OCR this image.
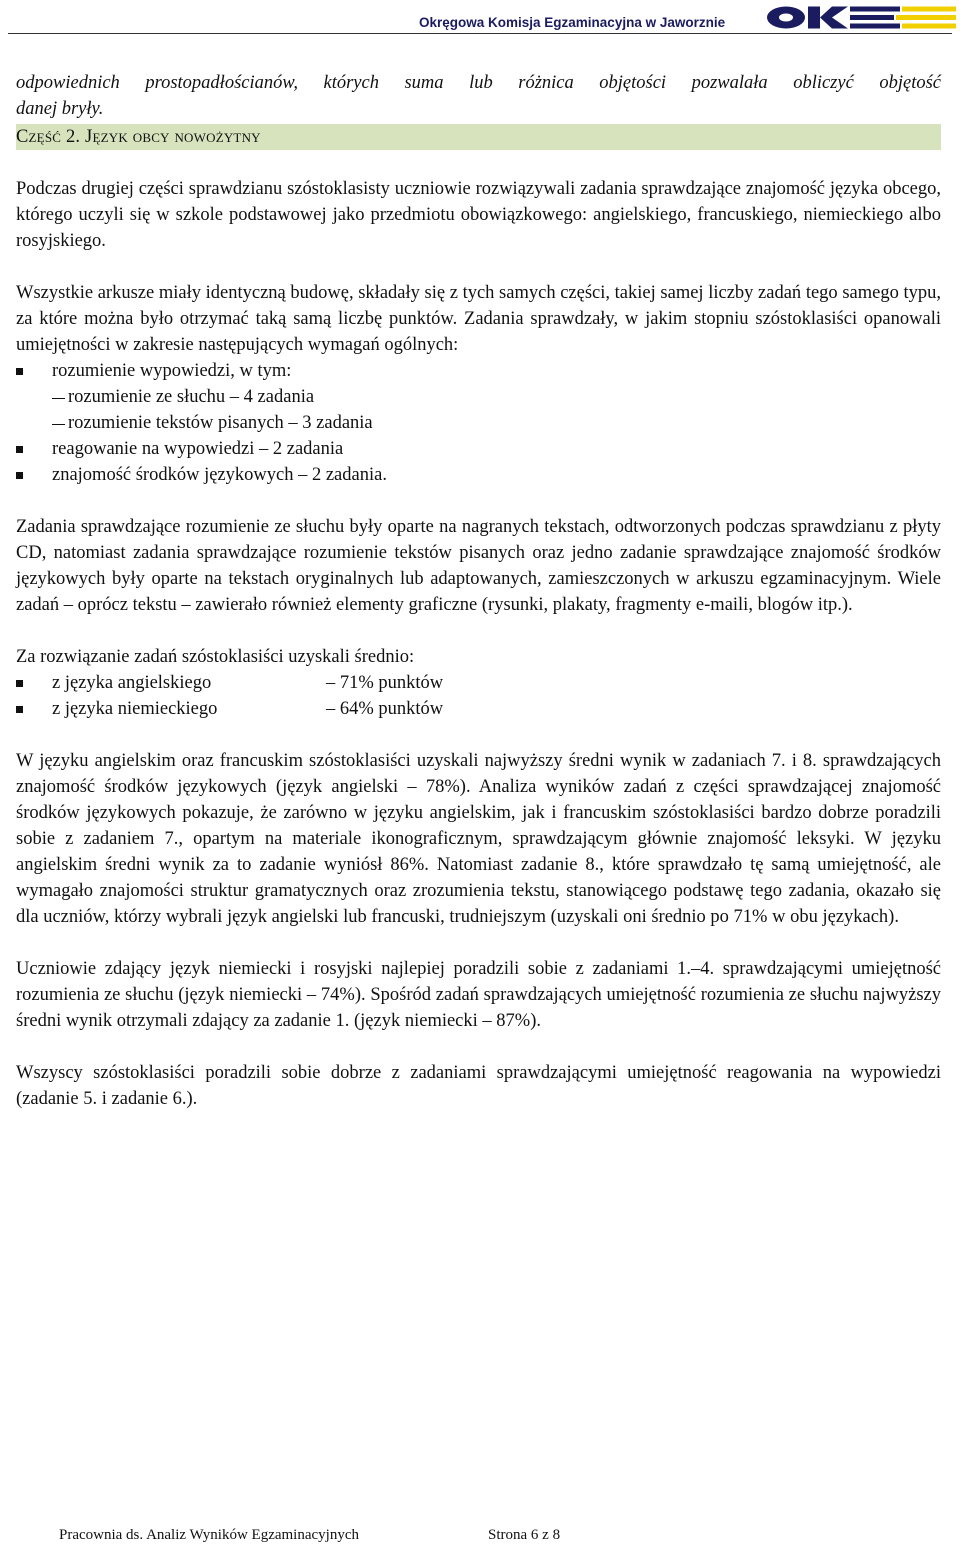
Okręgowa Komisja Egzaminacyjna w Jaworznie

odpowiednich prostopadłościanów, których suma lub różnica objętości pozwalała obliczyć objętość

danej bryły.

Część 2. Język obcy nowożytny

Podczas drugiej części sprawdzianu szóstoklasisty uczniowie rozwiązywali zadania sprawdzające znajomość języka obcego, którego uczyli się w szkole podstawowej jako przedmiotu obowiązkowego: angielskiego, francuskiego, niemieckiego albo rosyjskiego.

Wszystkie arkusze miały identyczną budowę, składały się z tych samych części, takiej samej liczby zadań tego samego typu, za które można było otrzymać taką samą liczbę punktów. Zadania sprawdzały, w jakim stopniu szóstoklasiści opanowali umiejętności w zakresie następujących wymagań ogólnych:

rozumienie wypowiedzi, w tym:
rozumienie ze słuchu – 4 zadania
rozumienie tekstów pisanych – 3 zadania
reagowanie na wypowiedzi – 2 zadania
znajomość środków językowych – 2 zadania.

Zadania sprawdzające rozumienie ze słuchu były oparte na nagranych tekstach, odtworzonych podczas sprawdzianu z płyty CD, natomiast zadania sprawdzające rozumienie tekstów pisanych oraz jedno zadanie sprawdzające znajomość środków językowych były oparte na tekstach oryginalnych lub adaptowanych, zamieszczonych w arkuszu egzaminacyjnym. Wiele zadań – oprócz tekstu – zawierało również elementy graficzne (rysunki, plakaty, fragmenty e-maili, blogów itp.).

Za rozwiązanie zadań szóstoklasiści uzyskali średnio:

z języka angielskiego	– 71% punktów
z języka niemieckiego	– 64% punktów

W języku angielskim oraz francuskim szóstoklasiści uzyskali najwyższy średni wynik w zadaniach 7. i 8. sprawdzających znajomość środków językowych (język angielski – 78%). Analiza wyników zadań z części sprawdzającej znajomość środków językowych pokazuje, że zarówno w języku angielskim, jak i francuskim szóstoklasiści bardzo dobrze poradzili sobie z zadaniem 7., opartym na materiale ikonograficznym, sprawdzającym głównie znajomość leksyki. W języku angielskim średni wynik za to zadanie wyniósł 86%. Natomiast zadanie 8., które sprawdzało tę samą umiejętność, ale wymagało znajomości struktur gramatycznych oraz zrozumienia tekstu, stanowiącego podstawę tego zadania, okazało się dla uczniów, którzy wybrali język angielski lub francuski, trudniejszym (uzyskali oni średnio po 71% w obu językach).

Uczniowie zdający język niemiecki i rosyjski najlepiej poradzili sobie z zadaniami 1.–4. sprawdzającymi umiejętność rozumienia ze słuchu (język niemiecki – 74%). Spośród zadań sprawdzających umiejętność rozumienia ze słuchu najwyższy średni wynik otrzymali zdający za zadanie 1. (język niemiecki – 87%).

Wszyscy szóstoklasiści poradzili sobie dobrze z zadaniami sprawdzającymi umiejętność reagowania na wypowiedzi (zadanie 5. i zadanie 6.).

Pracownia ds. Analiz Wyników Egzaminacyjnych	Strona 6 z 8
